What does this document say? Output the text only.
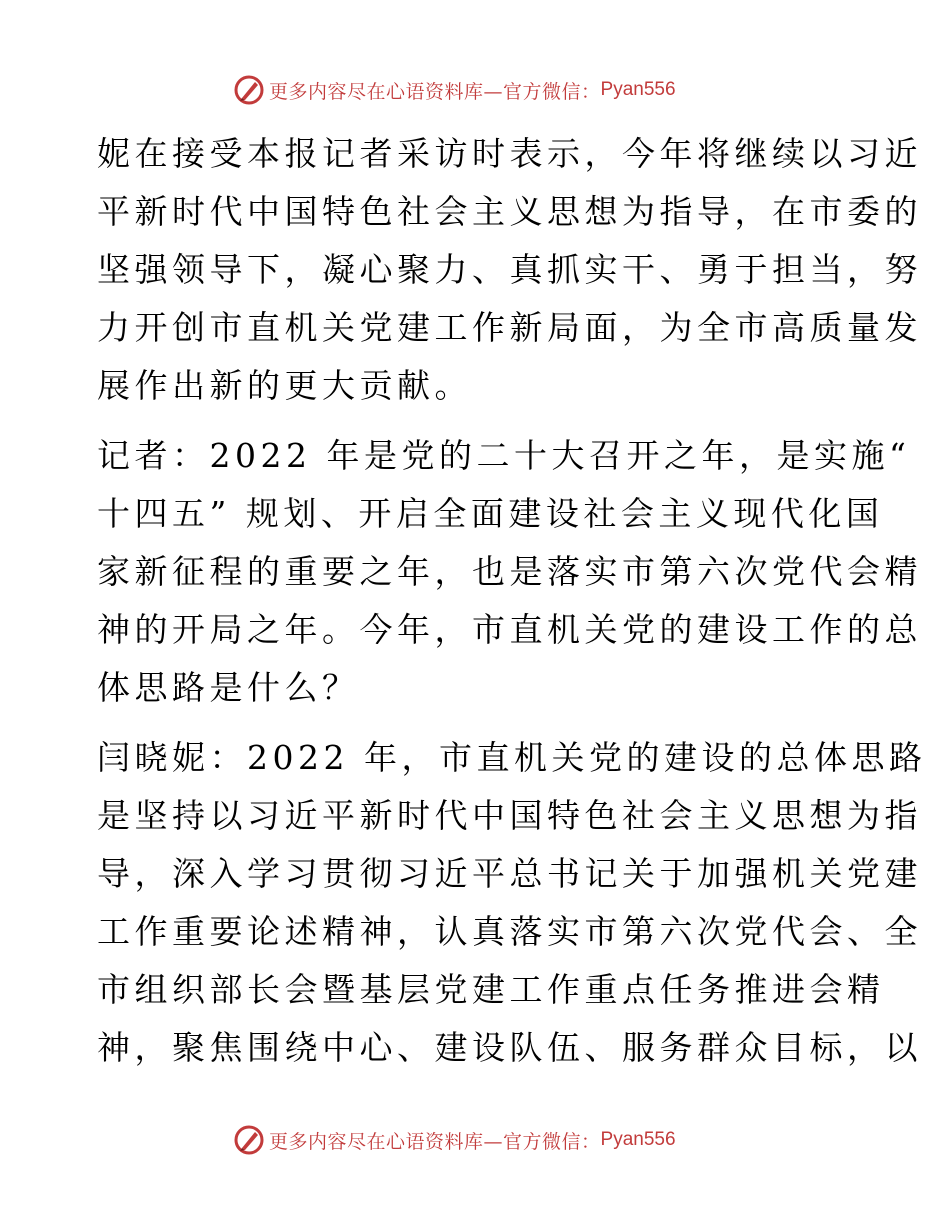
更多内容尽在心语资料库—官方微信： Pyan556
妮在接受本报记者采访时表示，今年将继续以习近
平新时代中国特色社会主义思想为指导，在市委的
坚强领导下，凝心聚力、真抓实干、勇于担当，努
力开创市直机关党建工作新局面，为全市高质量发
展作出新的更大贡献。
记者：2022 年是党的二十大召开之年，是实施“
十四五” 规划、开启全面建设社会主义现代化国
家新征程的重要之年，也是落实市第六次党代会精
神的开局之年。今年，市直机关党的建设工作的总
体思路是什么？
闫晓妮：2022 年，市直机关党的建设的总体思路
是坚持以习近平新时代中国特色社会主义思想为指
导，深入学习贯彻习近平总书记关于加强机关党建
工作重要论述精神，认真落实市第六次党代会、全
市组织部长会暨基层党建工作重点任务推进会精
神，聚焦围绕中心、建设队伍、服务群众目标，以
更多内容尽在心语资料库—官方微信： Pyan556
